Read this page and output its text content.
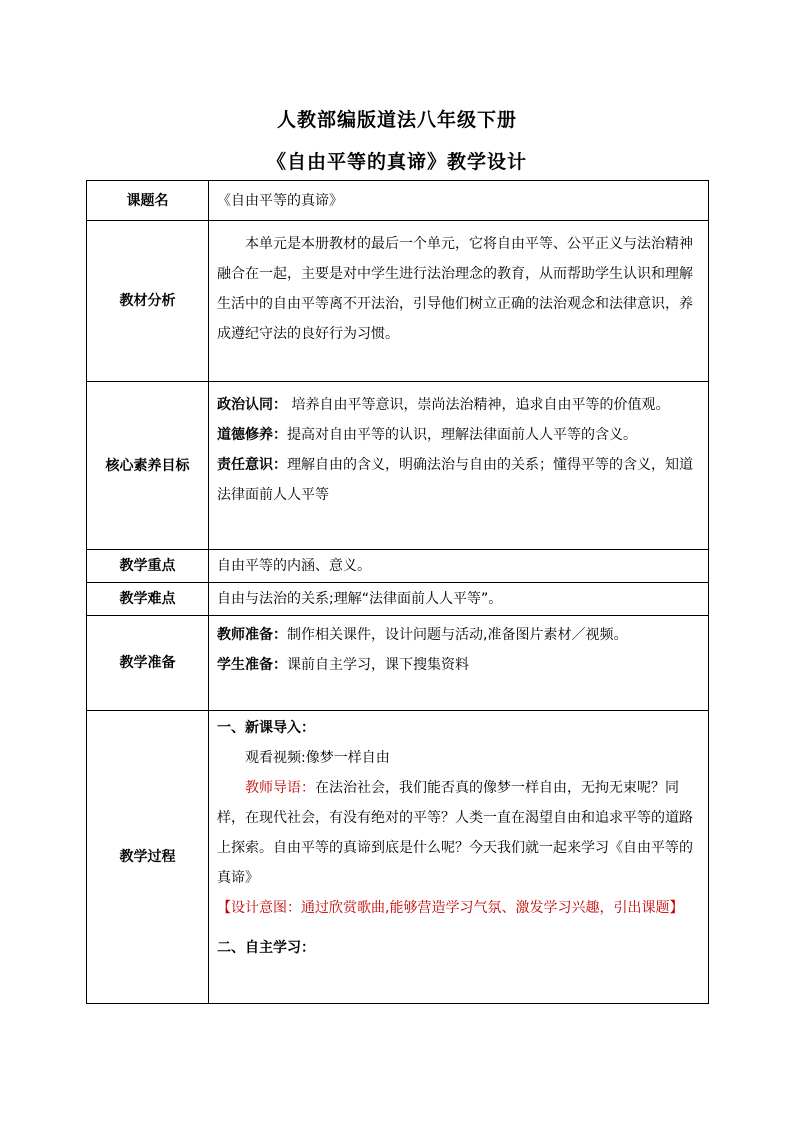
人教部编版道法八年级下册
《自由平等的真谛》教学设计
课题名	《自由平等的真谛》
教材分析	本单元是本册教材的最后一个单元，它将自由平等、公平正义与法治精神融合在一起，主要是对中学生进行法治理念的教育，从而帮助学生认识和理解生活中的自由平等离不开法治，引导他们树立正确的法治观念和法律意识，养成遵纪守法的良好行为习惯。

核心素养目标	政治认同： 培养自由平等意识，崇尚法治精神，追求自由平等的价值观。
道德修养：提高对自由平等的认识，理解法律面前人人平等的含义。
责任意识：理解自由的含义，明确法治与自由的关系；懂得平等的含义，知道法律面前人人平等

教学重点	自由平等的内涵、意义。
教学难点	自由与法治的关系;理解“法律面前人人平等”。
教学准备	教师准备：制作相关课件，设计问题与活动,准备图片素材／视频。
学生准备：课前自主学习，课下搜集资料

教学过程	一、新课导入：
观看视频:像梦一样自由
教师导语：在法治社会，我们能否真的像梦一样自由，无拘无束呢？同样，在现代社会，有没有绝对的平等？人类一直在渴望自由和追求平等的道路上探索。自由平等的真谛到底是什么呢？今天我们就一起来学习《自由平等的真谛》
【设计意图：通过欣赏歌曲,能够营造学习气氛、激发学习兴趣，引出课题】
二、自主学习：
